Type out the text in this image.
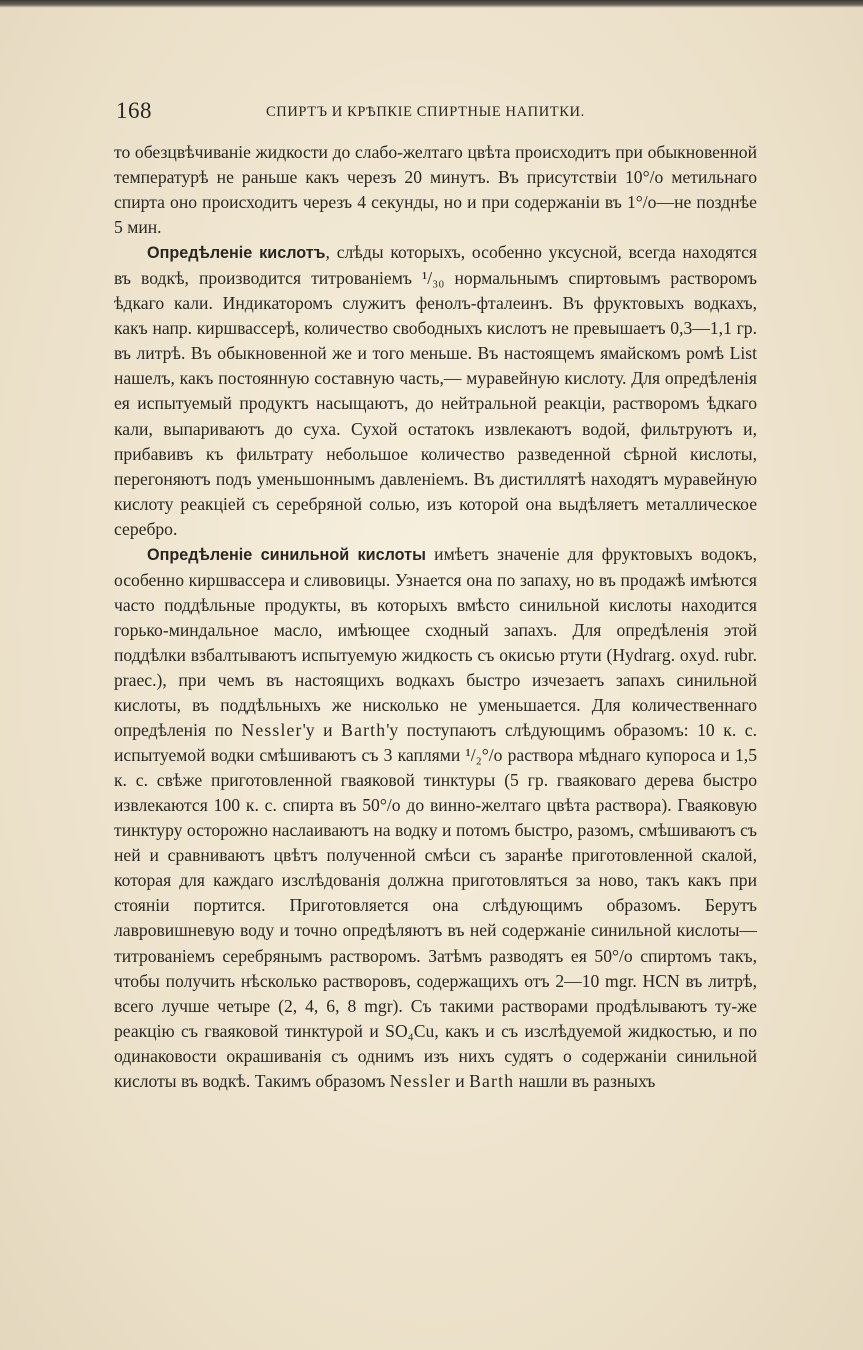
168	СПИРТЪ И КРѢПКІЕ СПИРТНЫЕ НАПИТКИ.

то обезцвѣчиваніе жидкости до слабо-желтаго цвѣта происходитъ при обыкновенной температурѣ не раньше какъ черезъ 20 минутъ. Въ присутствіи 10°/о метильнаго спирта оно происходитъ черезъ 4 секунды, но и при содержаніи въ 1°/о—не позднѣе 5 мин.

Опредѣленіе кислотъ, слѣды которыхъ, особенно уксусной, всегда находятся въ водкѣ, производится титрованіемъ ¹/₃₀ нормальнымъ спиртовымъ растворомъ ѣдкаго кали. Индикаторомъ служитъ фенолъ-фталеинъ. Въ фруктовыхъ водкахъ, какъ напр. киршвассерѣ, количество свободныхъ кислотъ не превышаетъ 0,3—1,1 гр. въ литрѣ. Въ обыкновенной же и того меньше. Въ настоящемъ ямайскомъ ромѣ List нашелъ, какъ постоянную составную часть,— муравейную кислоту. Для опредѣленія ея испытуемый продуктъ насыщаютъ, до нейтральной реакціи, растворомъ ѣдкаго кали, выпариваютъ до суха. Сухой остатокъ извлекаютъ водой, фильтруютъ и, прибавивъ къ фильтрату небольшое количество разведенной сѣрной кислоты, перегоняютъ подъ уменьшоннымъ давленіемъ. Въ дистиллятѣ находятъ муравейную кислоту реакціей съ серебряной солью, изъ которой она выдѣляетъ металлическое серебро.

Опредѣленіе синильной кислоты имѣетъ значеніе для фруктовыхъ водокъ, особенно киршвассера и сливовицы. Узнается она по запаху, но въ продажѣ имѣются часто поддѣльные продукты, въ которыхъ вмѣсто синильной кислоты находится горько-миндальное масло, имѣющее сходный запахъ. Для опредѣленія этой поддѣлки взбалтываютъ испытуемую жидкость съ окисью ртути (Hydrarg. oxyd. rubr. praec.), при чемъ въ настоящихъ водкахъ быстро изчезаетъ запахъ синильной кислоты, въ поддѣльныхъ же нисколько не уменьшается. Для количественнаго опредѣленія по Nessler'у и Barth'у поступаютъ слѣдующимъ образомъ: 10 к. с. испытуемой водки смѣшиваютъ съ 3 каплями ¹/₂°/о раствора мѣднаго купороса и 1,5 к. с. свѣже приготовленной гваяковой тинктуры (5 гр. гваяковаго дерева быстро извлекаются 100 к. с. спирта въ 50°/о до винно-желтаго цвѣта раствора). Гваяковую тинктуру осторожно наслаиваютъ на водку и потомъ быстро, разомъ, смѣшиваютъ съ ней и сравниваютъ цвѣтъ полученной смѣси съ заранѣе приготовленной скалой, которая для каждаго изслѣдованія должна приготовляться за ново, такъ какъ при стояніи портится. Приготовляется она слѣдующимъ образомъ. Берутъ лавровишневую воду и точно опредѣляютъ въ ней содержаніе синильной кислоты—титрованіемъ серебрянымъ растворомъ. Затѣмъ разводятъ ея 50°/о спиртомъ такъ, чтобы получить нѣсколько растворовъ, содержащихъ отъ 2—10 mgr. HCN въ литрѣ, всего лучше четыре (2, 4, 6, 8 mgr). Съ такими растворами продѣлываютъ ту-же реакцію съ гваяковой тинктурой и SO₄Cu, какъ и съ изслѣдуемой жидкостью, и по одинаковости окрашиванія съ однимъ изъ нихъ судятъ о содержаніи синильной кислоты въ водкѣ. Такимъ образомъ Nessler и Barth нашли въ разныхъ
